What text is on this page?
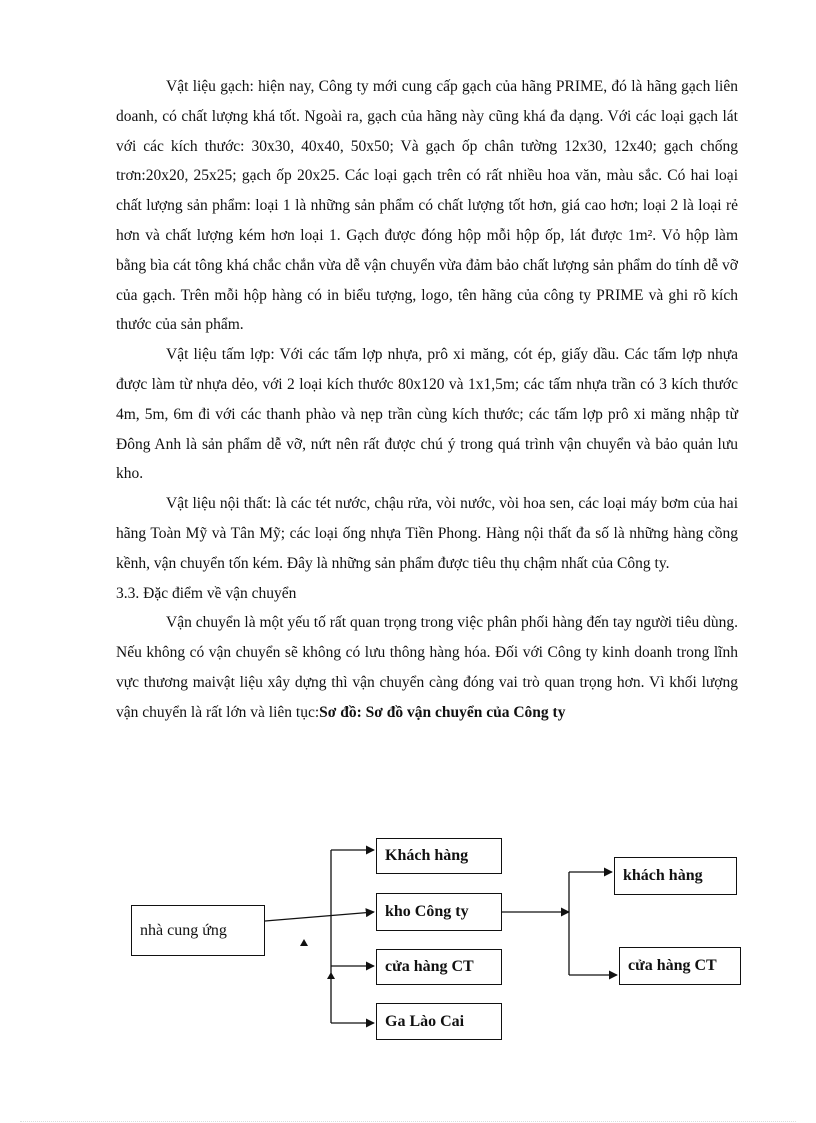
Vật liệu gạch: hiện nay, Công ty mới cung cấp gạch của hãng PRIME, đó là hãng gạch liên doanh, có chất lượng khá tốt. Ngoài ra, gạch của hãng này cũng khá đa dạng. Với các loại gạch lát với các kích thước: 30x30, 40x40, 50x50; Và gạch ốp chân tường 12x30, 12x40; gạch chống trơn:20x20, 25x25; gạch ốp 20x25. Các loại gạch trên có rất nhiều hoa văn, màu sắc. Có hai loại chất lượng sản phẩm: loại 1 là những sản phẩm có chất lượng tốt hơn, giá cao hơn; loại 2 là loại rẻ hơn và chất lượng kém hơn loại 1. Gạch được đóng hộp mỗi hộp ốp, lát được 1m². Vỏ hộp làm bằng bìa cát tông khá chắc chắn vừa dễ vận chuyển vừa đảm bảo chất lượng sản phẩm do tính dễ vỡ của gạch. Trên mỗi hộp hàng có in biểu tượng, logo, tên hãng của công ty PRIME và ghi rõ kích thước của sản phẩm.

Vật liệu tấm lợp: Với các tấm lợp nhựa, prô xi măng, cót ép, giấy dầu. Các tấm lợp nhựa được làm từ nhựa dẻo, với 2 loại kích thước 80x120 và 1x1,5m; các tấm nhựa trần có 3 kích thước 4m, 5m, 6m đi với các thanh phào và nẹp trần cùng kích thước; các tấm lợp prô xi măng nhập từ Đông Anh là sản phẩm dễ vỡ, nứt nên rất được chú ý trong quá trình vận chuyển và bảo quản lưu kho.

Vật liệu nội thất: là các tét nước, chậu rửa, vòi nước, vòi hoa sen, các loại máy bơm của hai hãng Toàn Mỹ và Tân Mỹ; các loại ống nhựa Tiền Phong. Hàng nội thất đa số là những hàng cồng kềnh, vận chuyển tốn kém. Đây là những sản phẩm được tiêu thụ chậm nhất của Công ty.

3.3. Đặc điểm về vận chuyển

Vận chuyển là một yếu tố rất quan trọng trong việc phân phối hàng đến tay người tiêu dùng. Nếu không có vận chuyển sẽ không có lưu thông hàng hóa. Đối với Công ty kinh doanh trong lĩnh vực thương maivật liệu xây dựng thì vận chuyển càng đóng vai trò quan trọng hơn. Vì khối lượng vận chuyển là rất lớn và liên tục:Sơ đồ: Sơ đồ vận chuyển của Công ty

nhà cung ứng
Khách hàng
kho Công ty
cửa hàng CT
Ga Lào Cai
khách hàng
cửa hàng CT
